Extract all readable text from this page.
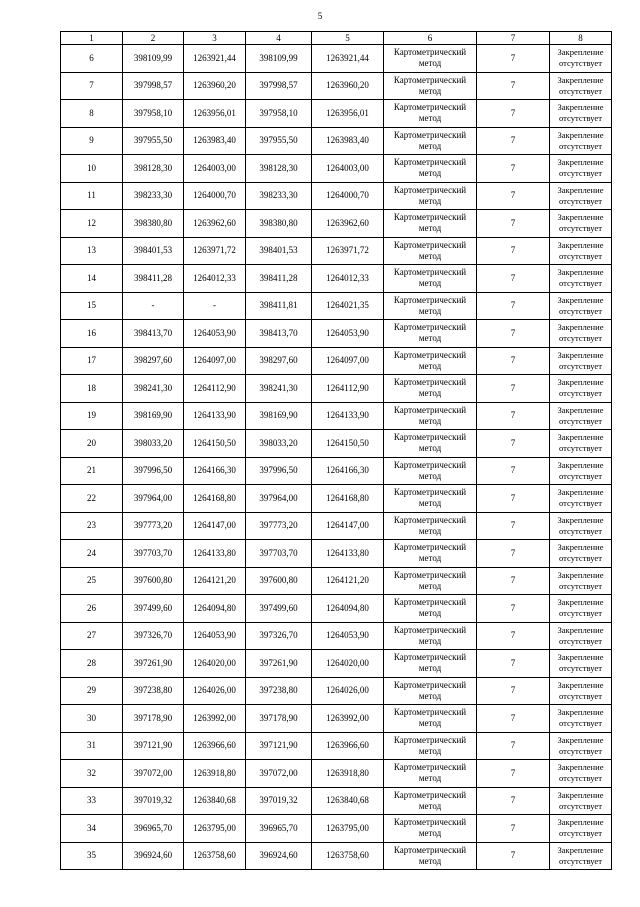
5
1	2	3	4	5	6	7	8
6	398109,99	1263921,44	398109,99	1263921,44	Картометрический
метод	7	Закрепление
отсутствует

7	397998,57	1263960,20	397998,57	1263960,20	Картометрический
метод	7	Закрепление
отсутствует

8	397958,10	1263956,01	397958,10	1263956,01	Картометрический
метод	7	Закрепление
отсутствует

9	397955,50	1263983,40	397955,50	1263983,40	Картометрический
метод	7	Закрепление
отсутствует

10	398128,30	1264003,00	398128,30	1264003,00	Картометрический
метод	7	Закрепление
отсутствует

11	398233,30	1264000,70	398233,30	1264000,70	Картометрический
метод	7	Закрепление
отсутствует

12	398380,80	1263962,60	398380,80	1263962,60	Картометрический
метод	7	Закрепление
отсутствует

13	398401,53	1263971,72	398401,53	1263971,72	Картометрический
метод	7	Закрепление
отсутствует

14	398411,28	1264012,33	398411,28	1264012,33	Картометрический
метод	7	Закрепление
отсутствует

15	-	-	398411,81	1264021,35	Картометрический
метод	7	Закрепление
отсутствует

16	398413,70	1264053,90	398413,70	1264053,90	Картометрический
метод	7	Закрепление
отсутствует

17	398297,60	1264097,00	398297,60	1264097,00	Картометрический
метод	7	Закрепление
отсутствует

18	398241,30	1264112,90	398241,30	1264112,90	Картометрический
метод	7	Закрепление
отсутствует

19	398169,90	1264133,90	398169,90	1264133,90	Картометрический
метод	7	Закрепление
отсутствует

20	398033,20	1264150,50	398033,20	1264150,50	Картометрический
метод	7	Закрепление
отсутствует

21	397996,50	1264166,30	397996,50	1264166,30	Картометрический
метод	7	Закрепление
отсутствует

22	397964,00	1264168,80	397964,00	1264168,80	Картометрический
метод	7	Закрепление
отсутствует

23	397773,20	1264147,00	397773,20	1264147,00	Картометрический
метод	7	Закрепление
отсутствует

24	397703,70	1264133,80	397703,70	1264133,80	Картометрический
метод	7	Закрепление
отсутствует

25	397600,80	1264121,20	397600,80	1264121,20	Картометрический
метод	7	Закрепление
отсутствует

26	397499,60	1264094,80	397499,60	1264094,80	Картометрический
метод	7	Закрепление
отсутствует

27	397326,70	1264053,90	397326,70	1264053,90	Картометрический
метод	7	Закрепление
отсутствует

28	397261,90	1264020,00	397261,90	1264020,00	Картометрический
метод	7	Закрепление
отсутствует

29	397238,80	1264026,00	397238,80	1264026,00	Картометрический
метод	7	Закрепление
отсутствует

30	397178,90	1263992,00	397178,90	1263992,00	Картометрический
метод	7	Закрепление
отсутствует

31	397121,90	1263966,60	397121,90	1263966,60	Картометрический
метод	7	Закрепление
отсутствует

32	397072,00	1263918,80	397072,00	1263918,80	Картометрический
метод	7	Закрепление
отсутствует

33	397019,32	1263840,68	397019,32	1263840,68	Картометрический
метод	7	Закрепление
отсутствует

34	396965,70	1263795,00	396965,70	1263795,00	Картометрический
метод	7	Закрепление
отсутствует

35	396924,60	1263758,60	396924,60	1263758,60	Картометрический
метод	7	Закрепление
отсутствует
